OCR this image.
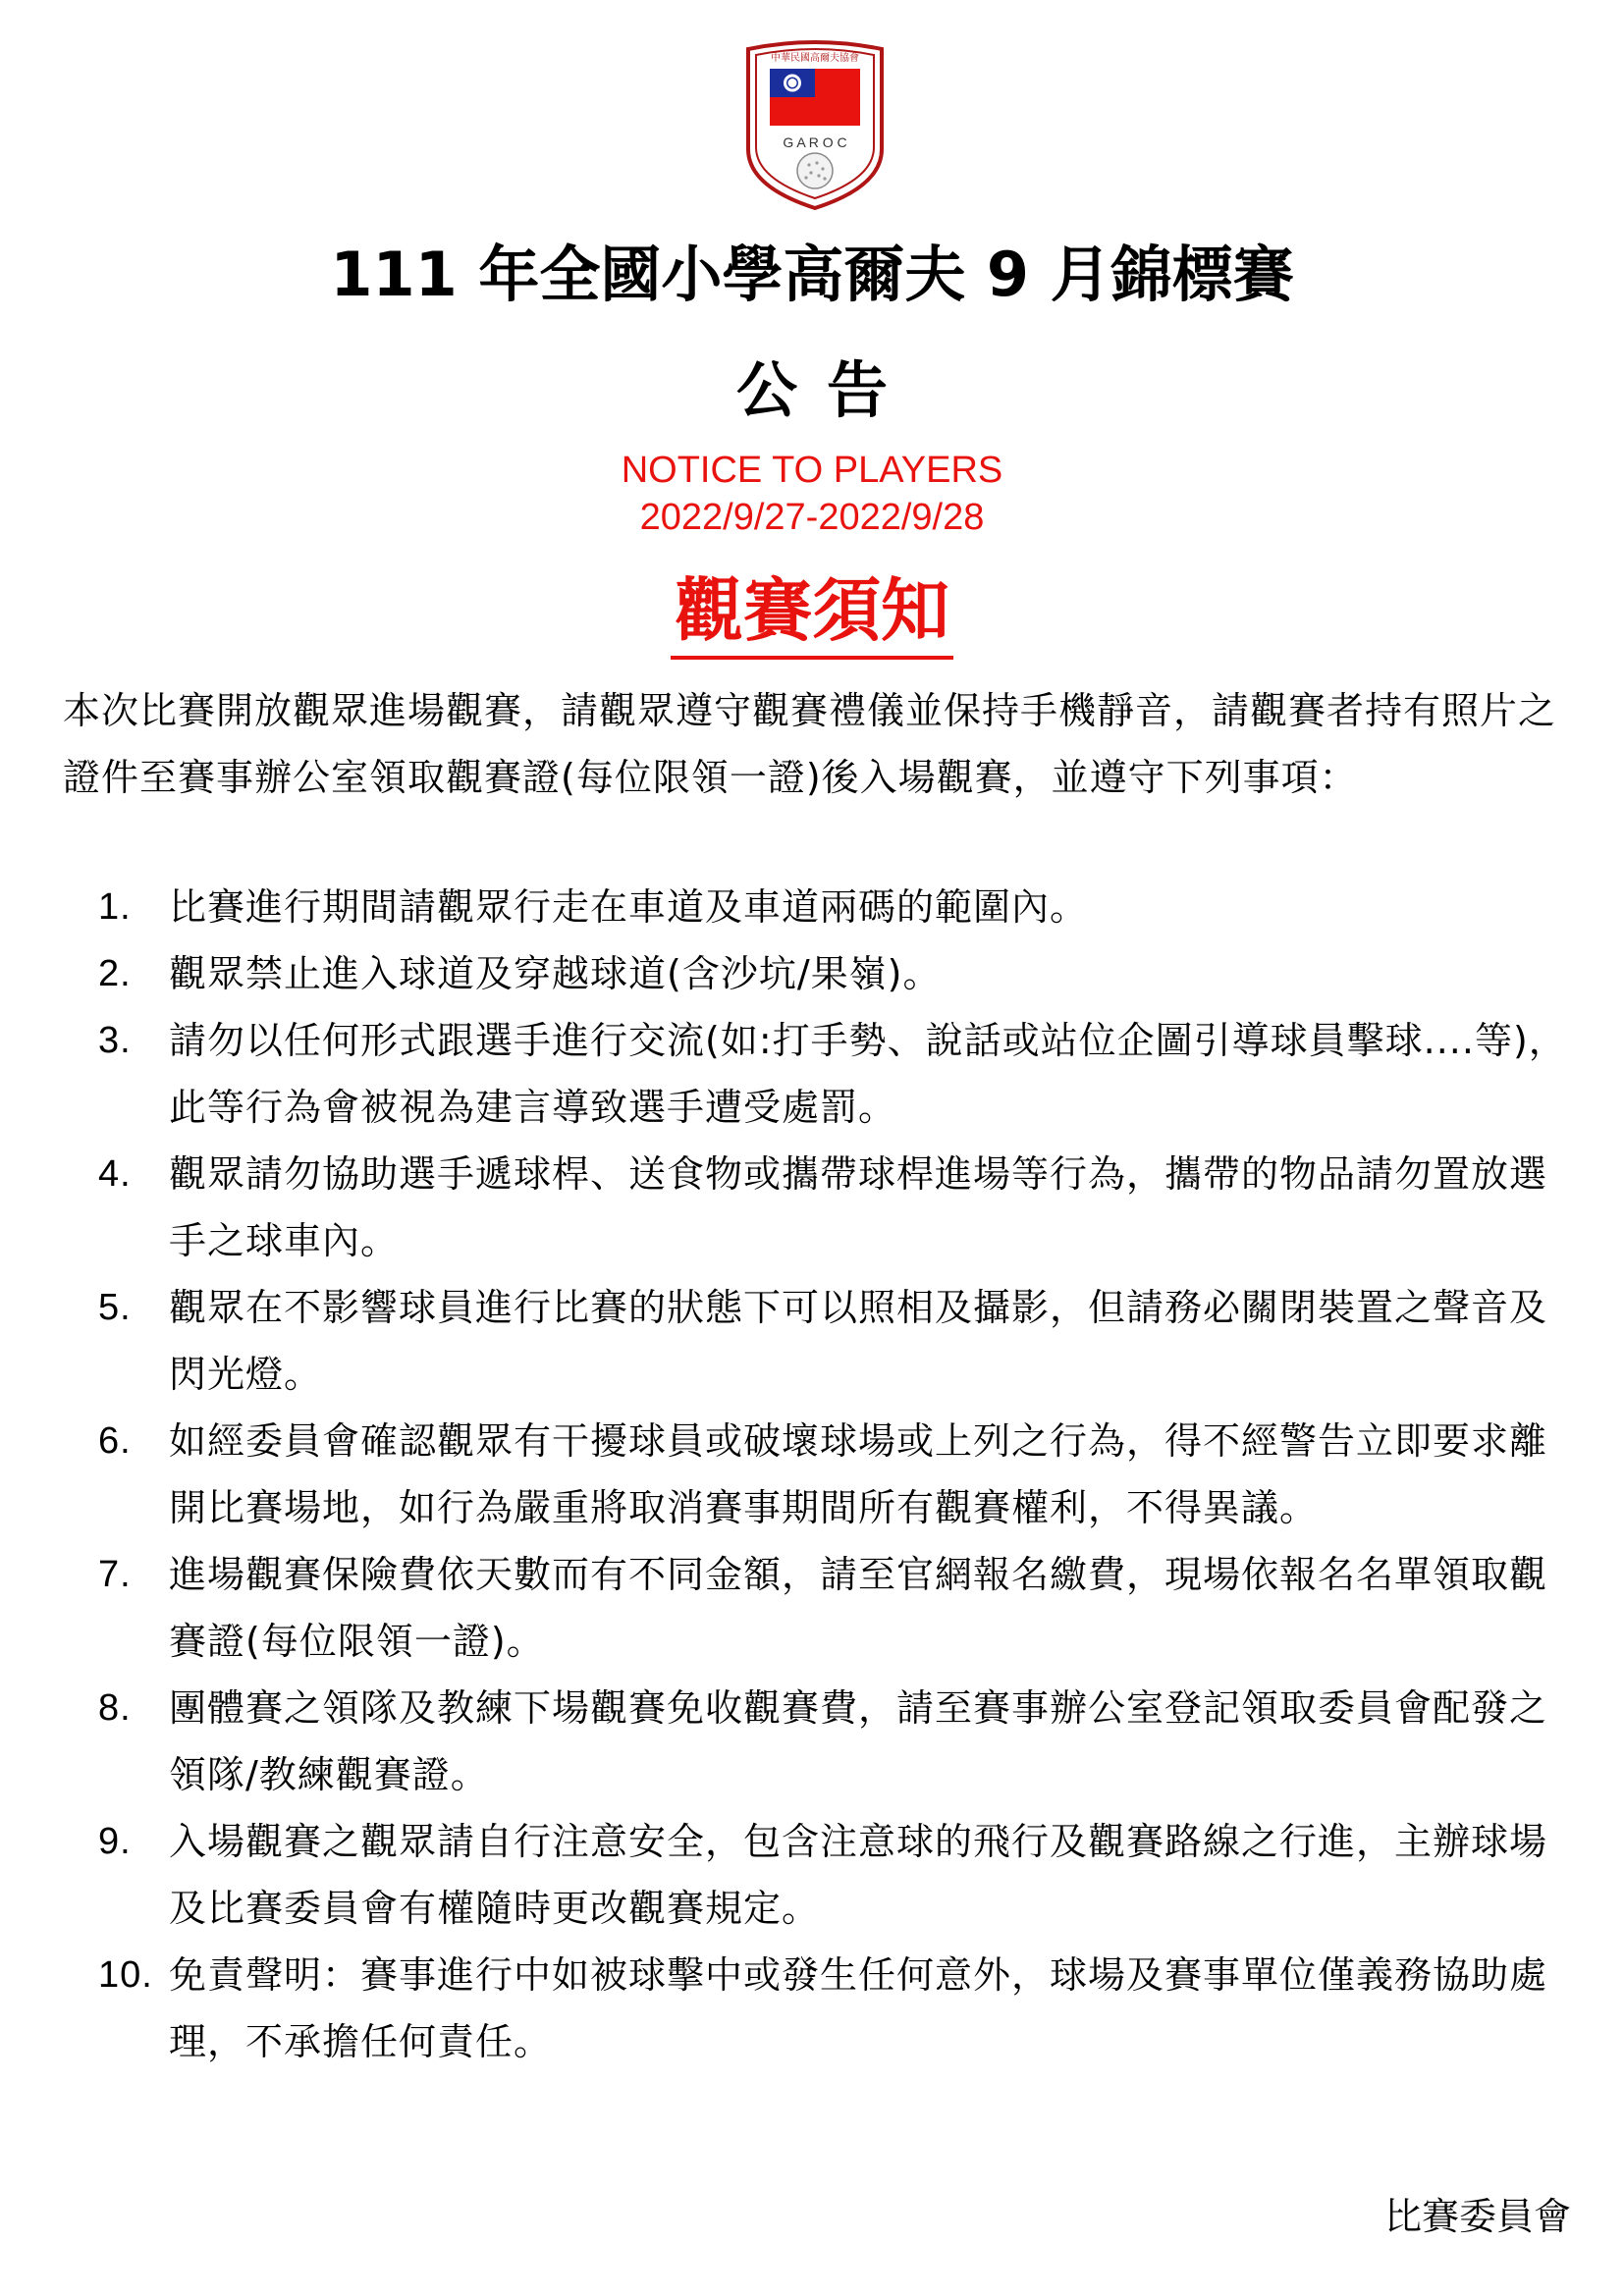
中華民國高爾夫協會
G A R O C
111 年全國小學高爾夫 9 月錦標賽
公告
NOTICE TO PLAYERS
2022/9/27-2022/9/28
觀賽須知

本次比賽開放觀眾進場觀賽，請觀眾遵守觀賽禮儀並保持手機靜音，請觀賽者持有照片之證件至賽事辦公室領取觀賽證(每位限領一證)後入場觀賽，並遵守下列事項：

1.	比賽進行期間請觀眾行走在車道及車道兩碼的範圍內。
2.	觀眾禁止進入球道及穿越球道(含沙坑/果嶺)。
3.	請勿以任何形式跟選手進行交流(如:打手勢、說話或站位企圖引導球員擊球....等)，此等行為會被視為建言導致選手遭受處罰。
4.	觀眾請勿協助選手遞球桿、送食物或攜帶球桿進場等行為，攜帶的物品請勿置放選手之球車內。
5.	觀眾在不影響球員進行比賽的狀態下可以照相及攝影，但請務必關閉裝置之聲音及閃光燈。
6.	如經委員會確認觀眾有干擾球員或破壞球場或上列之行為，得不經警告立即要求離開比賽場地，如行為嚴重將取消賽事期間所有觀賽權利，不得異議。
7.	進場觀賽保險費依天數而有不同金額，請至官網報名繳費，現場依報名名單領取觀賽證(每位限領一證)。
8.	團體賽之領隊及教練下場觀賽免收觀賽費，請至賽事辦公室登記領取委員會配發之領隊/教練觀賽證。
9.	入場觀賽之觀眾請自行注意安全，包含注意球的飛行及觀賽路線之行進，主辦球場及比賽委員會有權隨時更改觀賽規定。
10. 免責聲明：賽事進行中如被球擊中或發生任何意外，球場及賽事單位僅義務協助處理，不承擔任何責任。
比賽委員會
